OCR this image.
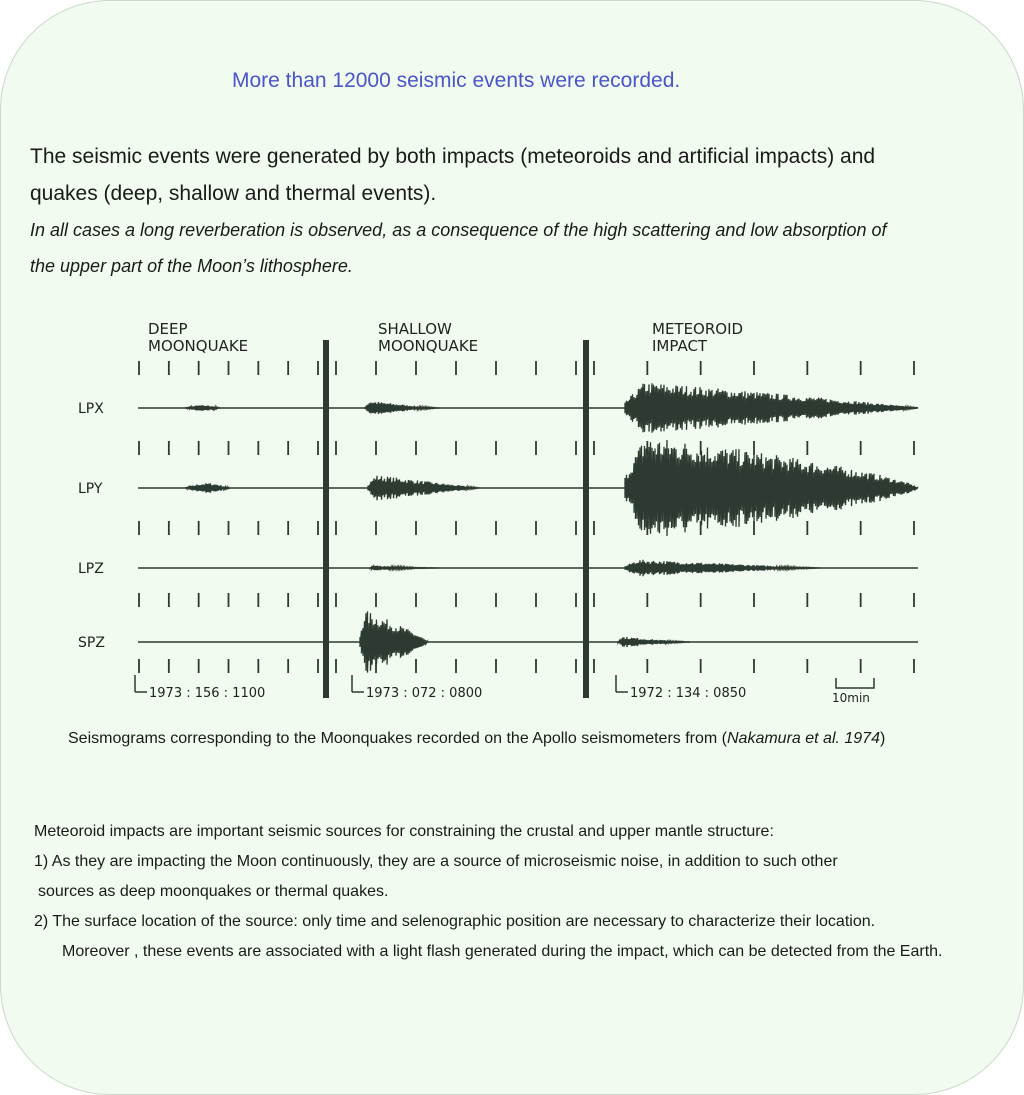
More than 12000 seismic events were recorded.
The seismic events were generated by both impacts (meteoroids and artificial impacts) and
quakes (deep, shallow and thermal events).
In all cases a long reverberation is observed, as a consequence of the high scattering and low absorption of
the upper part of the Moon’s lithosphere.
LPX
LPY
LPZ
SPZ
DEEP
MOONQUAKE
SHALLOW
MOONQUAKE
METEOROID
IMPACT
1973 : 156 : 1100	1973 : 072 : 0800	1972 : 134 : 0850	10min
Seismograms corresponding to the Moonquakes recorded on the Apollo seismometers from (Nakamura et al. 1974)
Meteoroid impacts are important seismic sources for constraining the crustal and upper mantle structure:
1) As they are impacting the Moon continuously, they are a source of microseismic noise, in addition to such other
sources as deep moonquakes or thermal quakes.
2) The surface location of the source: only time and selenographic position are necessary to characterize their location.
Moreover , these events are associated with a light flash generated during the impact, which can be detected from the Earth.
